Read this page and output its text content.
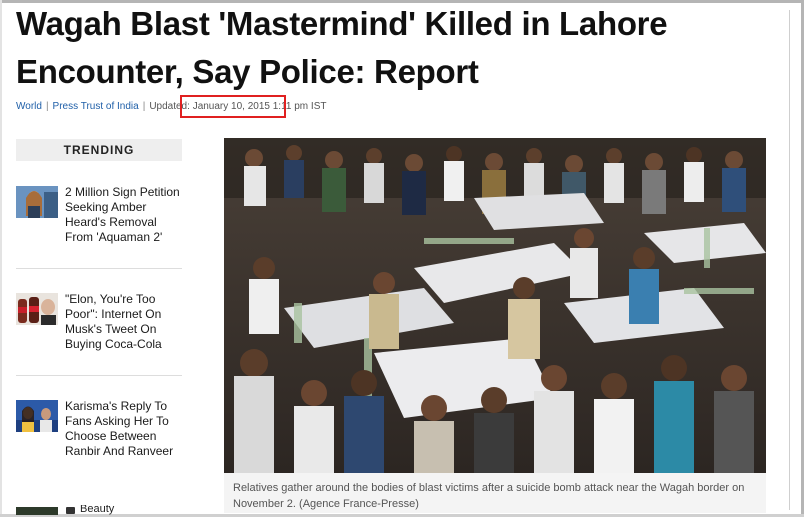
Wagah Blast 'Mastermind' Killed in Lahore Encounter, Say Police: Report
World | Press Trust of India | Updated: January 10, 2015 1:11 pm IST
TRENDING
2 Million Sign Petition Seeking Amber Heard's Removal From 'Aquaman 2'
"Elon, You're Too Poor": Internet On Musk's Tweet On Buying Coca-Cola
Karisma's Reply To Fans Asking Her To Choose Between Ranbir And Ranveer
Beauty
Relatives gather around the bodies of blast victims after a suicide bomb attack near the Wagah border on November 2. (Agence France-Presse)
